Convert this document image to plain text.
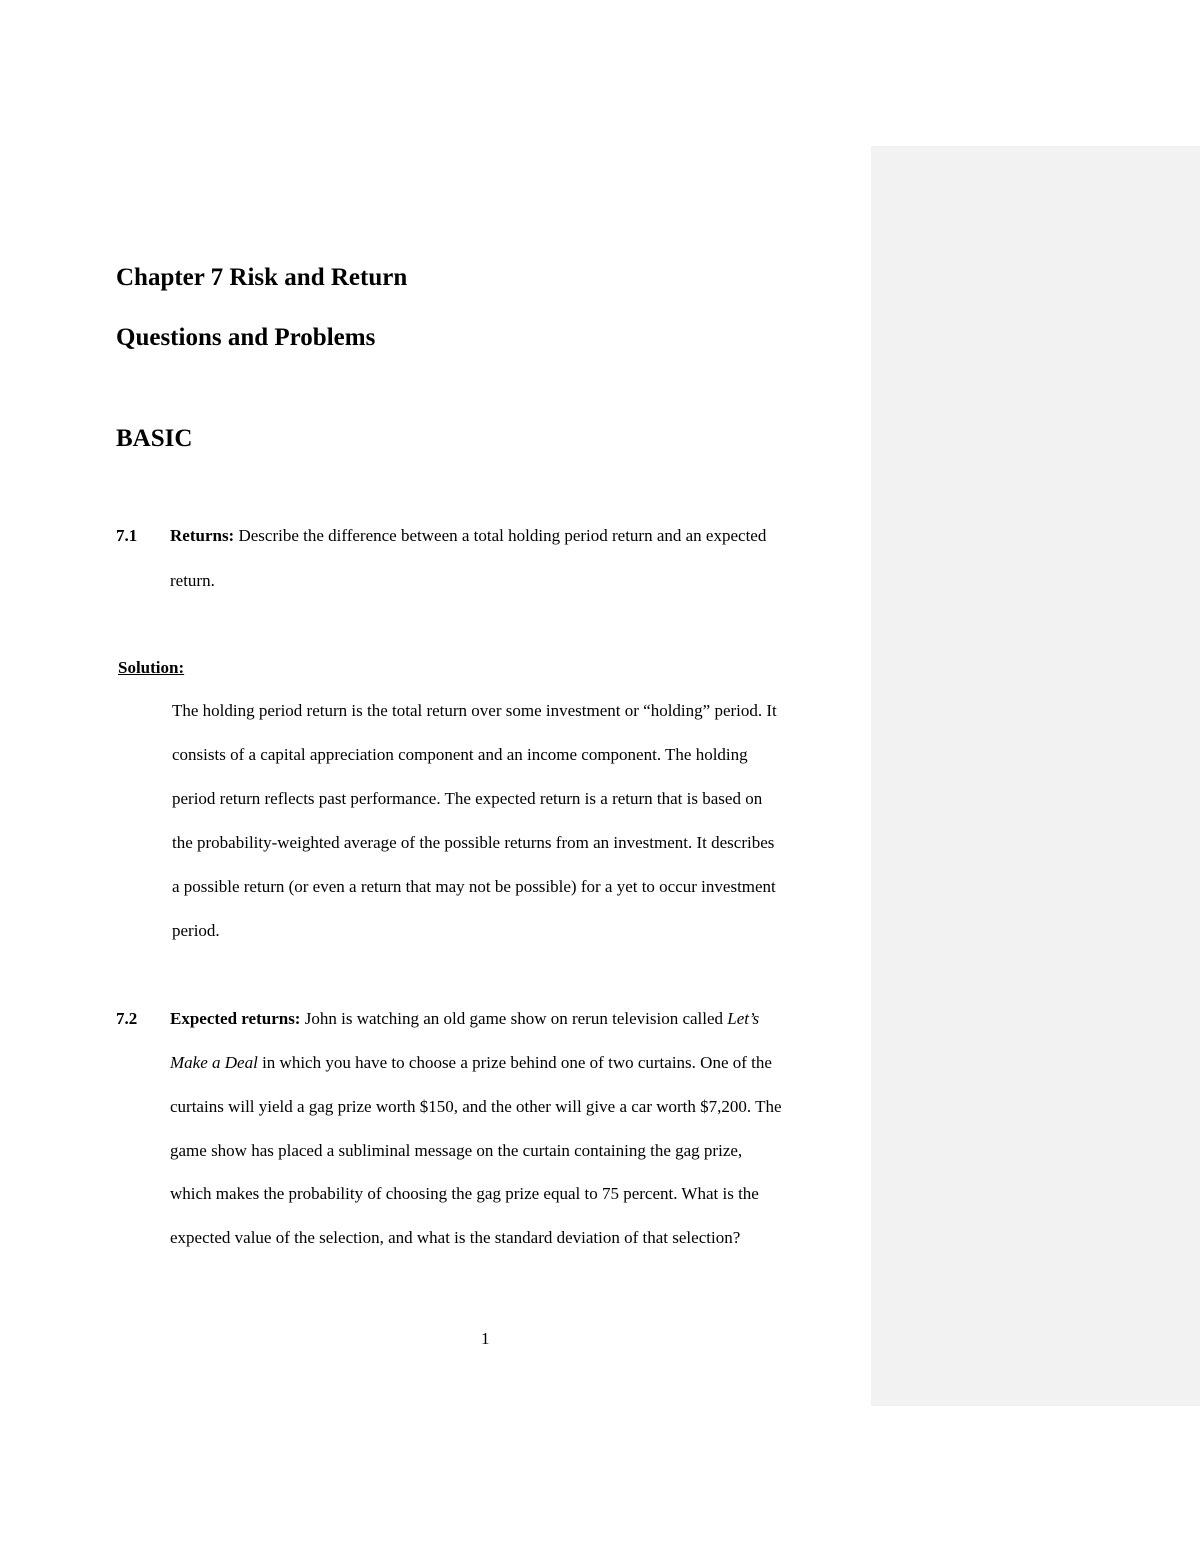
Chapter 7 Risk and Return
Questions and Problems
BASIC
7.1 Returns: Describe the difference between a total holding period return and an expected
return.
Solution:
The holding period return is the total return over some investment or “holding” period. It
consists of a capital appreciation component and an income component. The holding
period return reflects past performance. The expected return is a return that is based on
the probability-weighted average of the possible returns from an investment. It describes
a possible return (or even a return that may not be possible) for a yet to occur investment
period.
7.2 Expected returns: John is watching an old game show on rerun television called Let’s
Make a Deal in which you have to choose a prize behind one of two curtains. One of the
curtains will yield a gag prize worth $150, and the other will give a car worth $7,200. The
game show has placed a subliminal message on the curtain containing the gag prize,
which makes the probability of choosing the gag prize equal to 75 percent. What is the
expected value of the selection, and what is the standard deviation of that selection?
1
